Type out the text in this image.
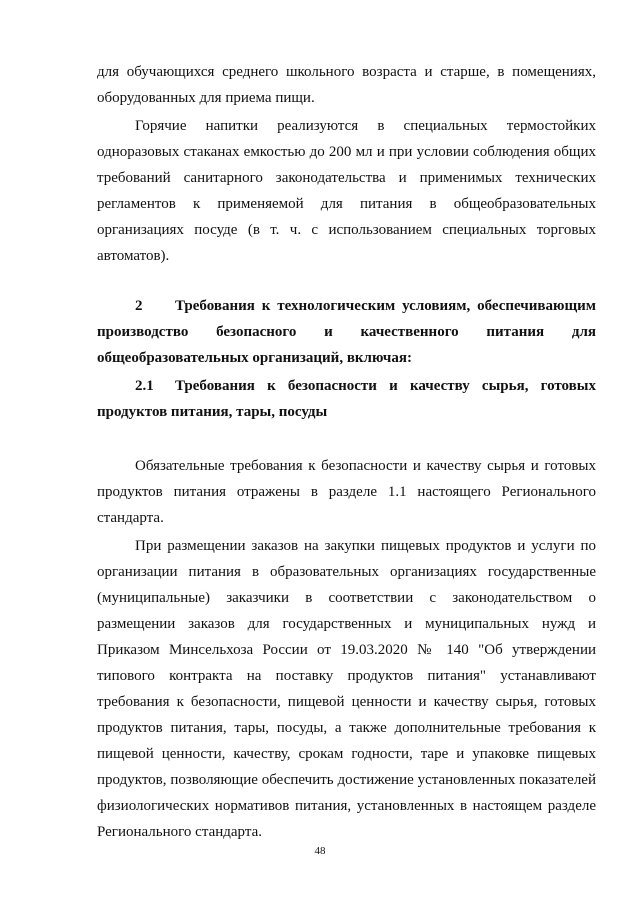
для обучающихся среднего школьного возраста и старше, в помещениях, оборудованных для приема пищи.

Горячие напитки реализуются в специальных термостойких одноразовых стаканах емкостью до 200 мл и при условии соблюдения общих требований санитарного законодательства и применимых технических регламентов к применяемой для питания в общеобразовательных организациях посуде (в т. ч. с использованием специальных торговых автоматов).

2 Требования к технологическим условиям, обеспечивающим производство безопасного и качественного питания для общеобразовательных организаций, включая:

2.1 Требования к безопасности и качеству сырья, готовых продуктов питания, тары, посуды

Обязательные требования к безопасности и качеству сырья и готовых продуктов питания отражены в разделе 1.1 настоящего Регионального стандарта.

При размещении заказов на закупки пищевых продуктов и услуги по организации питания в образовательных организациях государственные (муниципальные) заказчики в соответствии с законодательством о размещении заказов для государственных и муниципальных нужд и Приказом Минсельхоза России от 19.03.2020 № 140 "Об утверждении типового контракта на поставку продуктов питания" устанавливают требования к безопасности, пищевой ценности и качеству сырья, готовых продуктов питания, тары, посуды, а также дополнительные требования к пищевой ценности, качеству, срокам годности, таре и упаковке пищевых продуктов, позволяющие обеспечить достижение установленных показателей физиологических нормативов питания, установленных в настоящем разделе Регионального стандарта.

48
